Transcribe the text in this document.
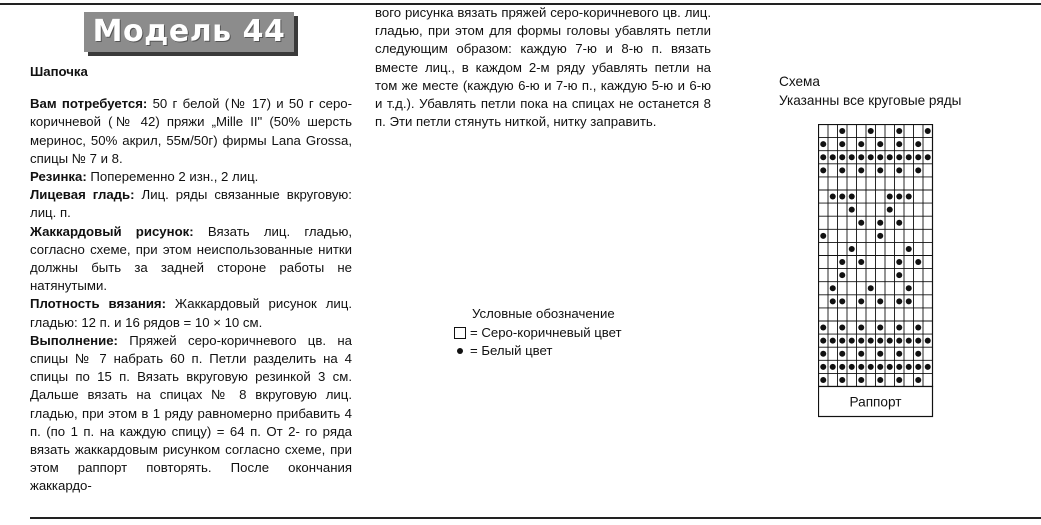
Модель 44

Шапочка

Вам потребуется: 50 г белой (№ 17) и 50 г серо-коричневой (№ 42) пряжи „Mille II" (50% шерсть меринос, 50% акрил, 55м/50г) фирмы Lana Grossa, спицы № 7 и 8.

Резинка: Попеременно 2 изн., 2 лиц.

Лицевая гладь: Лиц. ряды связанные вкруговую: лиц. п.

Жаккардовый рисунок: Вязать лиц. гладью, согласно схеме, при этом неиспользованные нитки должны быть за задней стороне работы не натянутыми.

Плотность вязания: Жаккардовый рисунок лиц. гладью: 12 п. и 16 рядов = 10 × 10 см.

Выполнение: Пряжей серо-коричневого цв. на спицы № 7 набрать 60 п. Петли разделить на 4 спицы по 15 п. Вязать вкруговую резинкой 3 см. Дальше вязать на спицах № 8 вкруговую лиц. гладью, при этом в 1 ряду равномерно прибавить 4 п. (по 1 п. на каждую спицу) = 64 п. От 2- го ряда вязать жаккардовым рисунком согласно схеме, при этом раппорт повторять. После окончания жаккардо-

вого рисунка вязать пряжей серо-коричневого цв. лиц. гладью, при этом для формы головы убавлять петли следующим образом: каждую 7-ю и 8-ю п. вязать вместе лиц., в каждом 2-м ряду убавлять петли на том же месте (каждую 6-ю и 7-ю п., каждую 5-ю и 6-ю и т.д.). Убавлять петли пока на спицах не останется 8 п. Эти петли стянуть ниткой, нитку заправить.

Условные обозначение
= Серо-коричневый цвет
= Белый цвет
Схема
Указанны все круговые ряды
Раппорт
